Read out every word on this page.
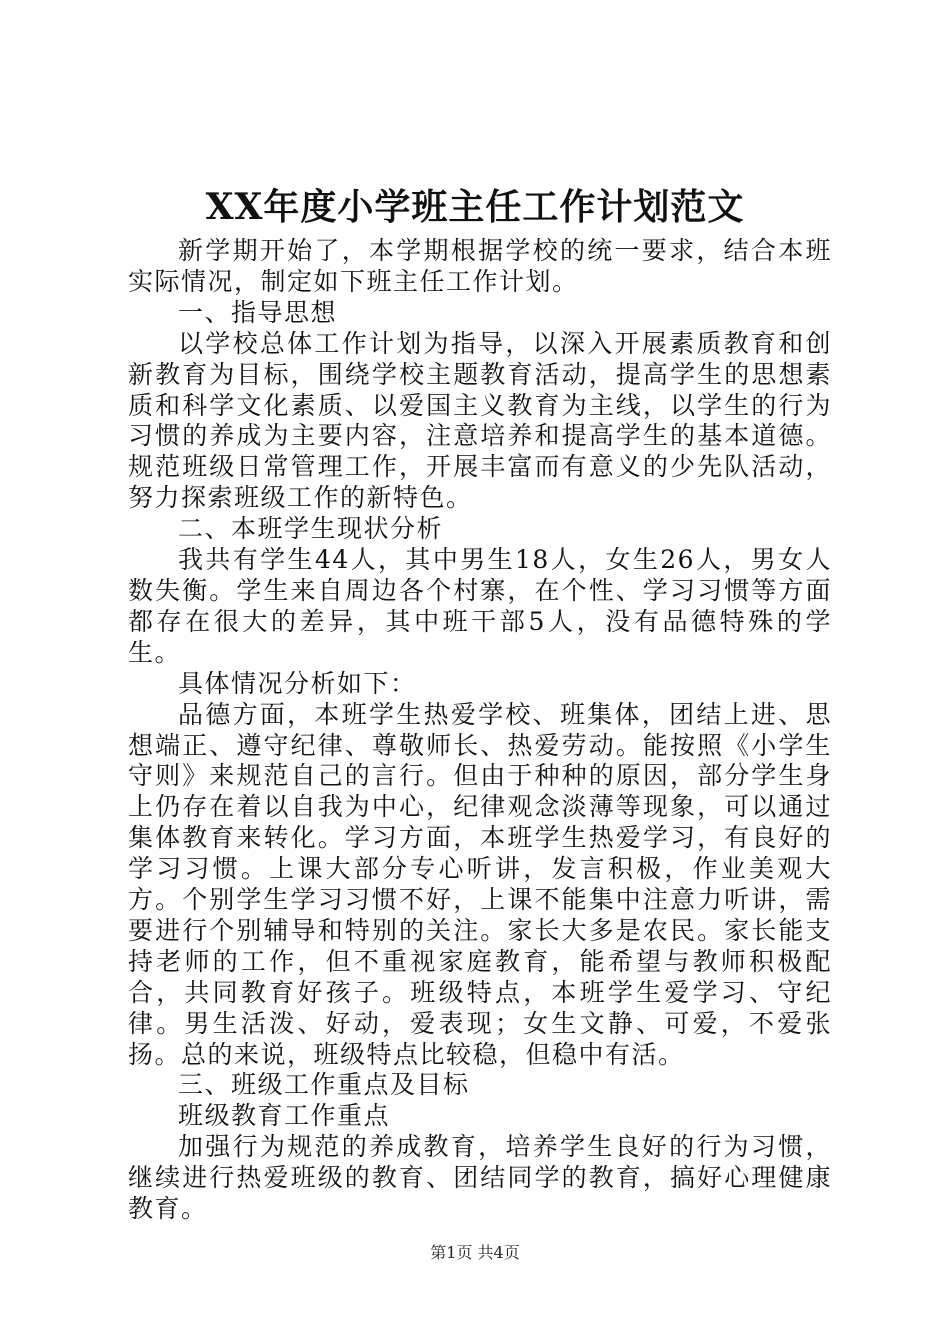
XX年度小学班主任工作计划范文

新学期开始了，本学期根据学校的统一要求，结合本班实际情况，制定如下班主任工作计划。

一、指导思想

以学校总体工作计划为指导，以深入开展素质教育和创新教育为目标，围绕学校主题教育活动，提高学生的思想素质和科学文化素质、以爱国主义教育为主线，以学生的行为习惯的养成为主要内容，注意培养和提高学生的基本道德。规范班级日常管理工作，开展丰富而有意义的少先队活动，努力探索班级工作的新特色。

二、本班学生现状分析

我共有学生44人，其中男生18人，女生26人，男女人数失衡。学生来自周边各个村寨，在个性、学习习惯等方面都存在很大的差异，其中班干部5人，没有品德特殊的学生。

具体情况分析如下：

品德方面，本班学生热爱学校、班集体，团结上进、思想端正、遵守纪律、尊敬师长、热爱劳动。能按照《小学生守则》来规范自己的言行。但由于种种的原因，部分学生身上仍存在着以自我为中心，纪律观念淡薄等现象，可以通过集体教育来转化。学习方面，本班学生热爱学习，有良好的学习习惯。上课大部分专心听讲，发言积极，作业美观大方。个别学生学习习惯不好，上课不能集中注意力听讲，需要进行个别辅导和特别的关注。家长大多是农民。家长能支持老师的工作，但不重视家庭教育，能希望与教师积极配合，共同教育好孩子。班级特点，本班学生爱学习、守纪律。男生活泼、好动，爱表现；女生文静、可爱，不爱张扬。总的来说，班级特点比较稳，但稳中有活。

三、班级工作重点及目标

班级教育工作重点

加强行为规范的养成教育，培养学生良好的行为习惯，继续进行热爱班级的教育、团结同学的教育，搞好心理健康教育。

第1页 共4页
